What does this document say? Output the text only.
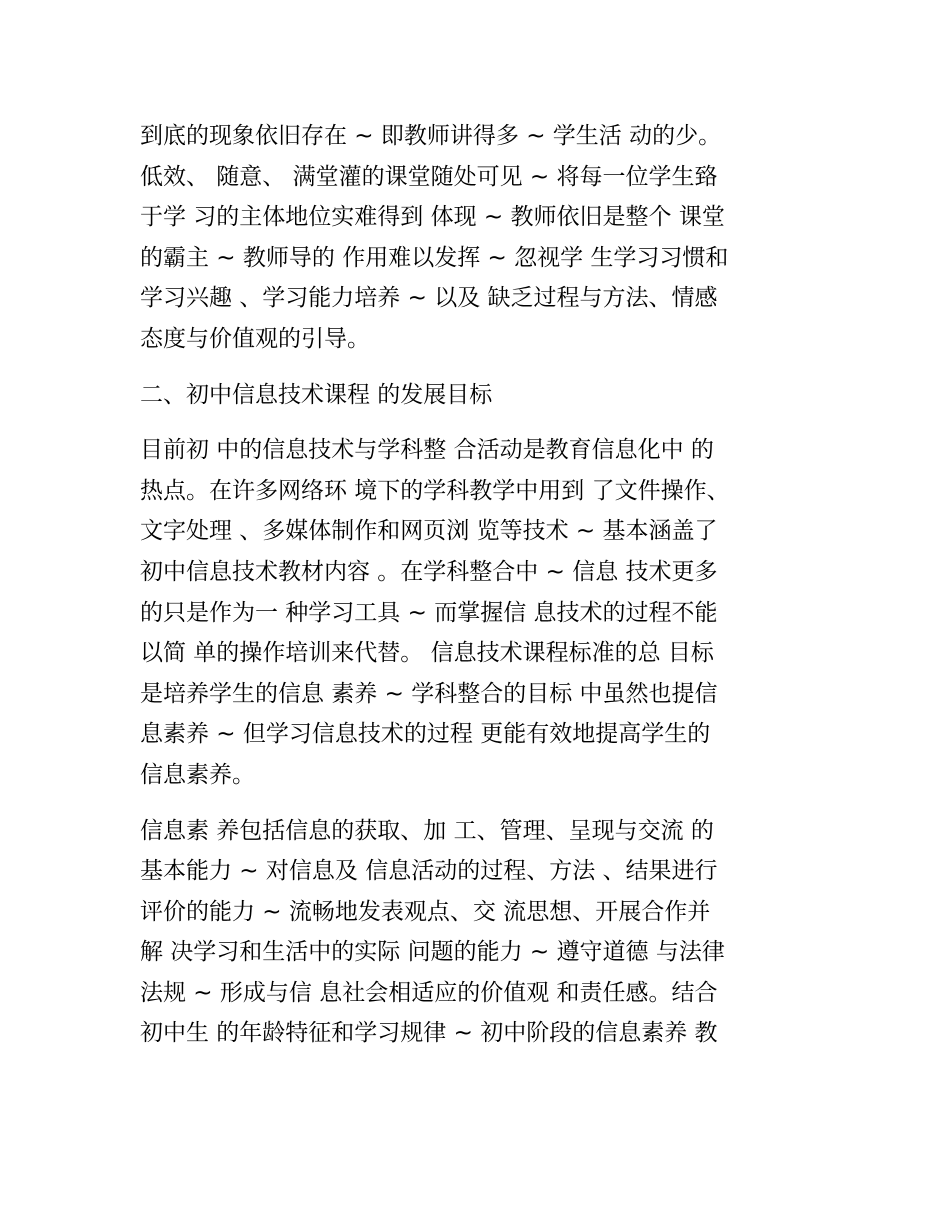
到底的现象依旧存在 ~ 即教师讲得多 ~ 学生活 动的少。
低效、 随意、 满堂灌的课堂随处可见 ~ 将每一位学生臵
于学 习的主体地位实难得到 体现 ~ 教师依旧是整个 课堂
的霸主 ~ 教师导的 作用难以发挥 ~ 忽视学 生学习习惯和
学习兴趣 、学习能力培养 ~ 以及 缺乏过程与方法、情感
态度与价值观的引导。
二、初中信息技术课程 的发展目标
目前初 中的信息技术与学科整 合活动是教育信息化中 的
热点。在许多网络环 境下的学科教学中用到 了文件操作、
文字处理 、多媒体制作和网页浏 览等技术 ~ 基本涵盖了
初中信息技术教材内容 。在学科整合中 ~ 信息 技术更多
的只是作为一 种学习工具 ~ 而掌握信 息技术的过程不能
以简 单的操作培训来代替。 信息技术课程标准的总 目标
是培养学生的信息 素养 ~ 学科整合的目标 中虽然也提信
息素养 ~ 但学习信息技术的过程 更能有效地提高学生的
信息素养。
信息素 养包括信息的获取、加 工、管理、呈现与交流 的
基本能力 ~ 对信息及 信息活动的过程、方法 、结果进行
评价的能力 ~ 流畅地发表观点、交 流思想、开展合作并
解 决学习和生活中的实际 问题的能力 ~ 遵守道德 与法律
法规 ~ 形成与信 息社会相适应的价值观 和责任感。结合
初中生 的年龄特征和学习规律 ~ 初中阶段的信息素养 教
